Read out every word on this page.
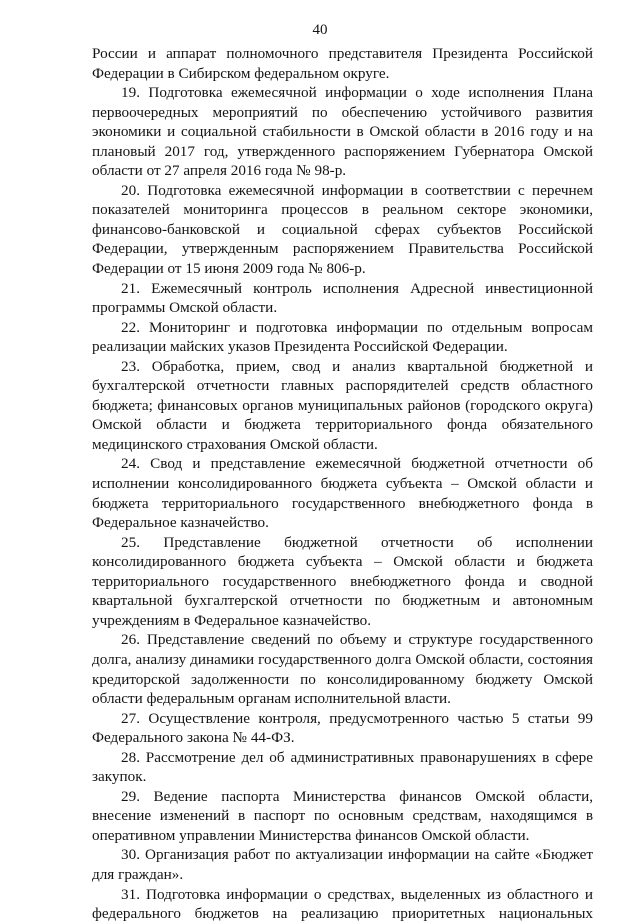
40

России и аппарат полномочного представителя Президента Российской Федерации в Сибирском федеральном округе.

19. Подготовка ежемесячной информации о ходе исполнения Плана первоочередных мероприятий по обеспечению устойчивого развития экономики и социальной стабильности в Омской области в 2016 году и на плановый 2017 год, утвержденного распоряжением Губернатора Омской области от 27 апреля 2016 года № 98-р.

20. Подготовка ежемесячной информации в соответствии с перечнем показателей мониторинга процессов в реальном секторе экономики, финансово-банковской и социальной сферах субъектов Российской Федерации, утвержденным распоряжением Правительства Российской Федерации от 15 июня 2009 года № 806-р.

21. Ежемесячный контроль исполнения Адресной инвестиционной программы Омской области.

22. Мониторинг и подготовка информации по отдельным вопросам реализации майских указов Президента Российской Федерации.

23. Обработка, прием, свод и анализ квартальной бюджетной и бухгалтерской отчетности главных распорядителей средств областного бюджета; финансовых органов муниципальных районов (городского округа) Омской области и бюджета территориального фонда обязательного медицинского страхования Омской области.

24. Свод и представление ежемесячной бюджетной отчетности об исполнении консолидированного бюджета субъекта – Омской области и бюджета территориального государственного внебюджетного фонда в Федеральное казначейство.

25. Представление бюджетной отчетности об исполнении консолидированного бюджета субъекта – Омской области и бюджета территориального государственного внебюджетного фонда и сводной квартальной бухгалтерской отчетности по бюджетным и автономным учреждениям в Федеральное казначейство.

26. Представление сведений по объему и структуре государственного долга, анализу динамики государственного долга Омской области, состояния кредиторской задолженности по консолидированному бюджету Омской области федеральным органам исполнительной власти.

27. Осуществление контроля, предусмотренного частью 5 статьи 99 Федерального закона № 44-ФЗ.

28. Рассмотрение дел об административных правонарушениях в сфере закупок.

29. Ведение паспорта Министерства финансов Омской области, внесение изменений в паспорт по основным средствам, находящимся в оперативном управлении Министерства финансов Омской области.

30. Организация работ по актуализации информации на сайте «Бюджет для граждан».

31. Подготовка информации о средствах, выделенных из областного и федерального бюджетов на реализацию приоритетных национальных
